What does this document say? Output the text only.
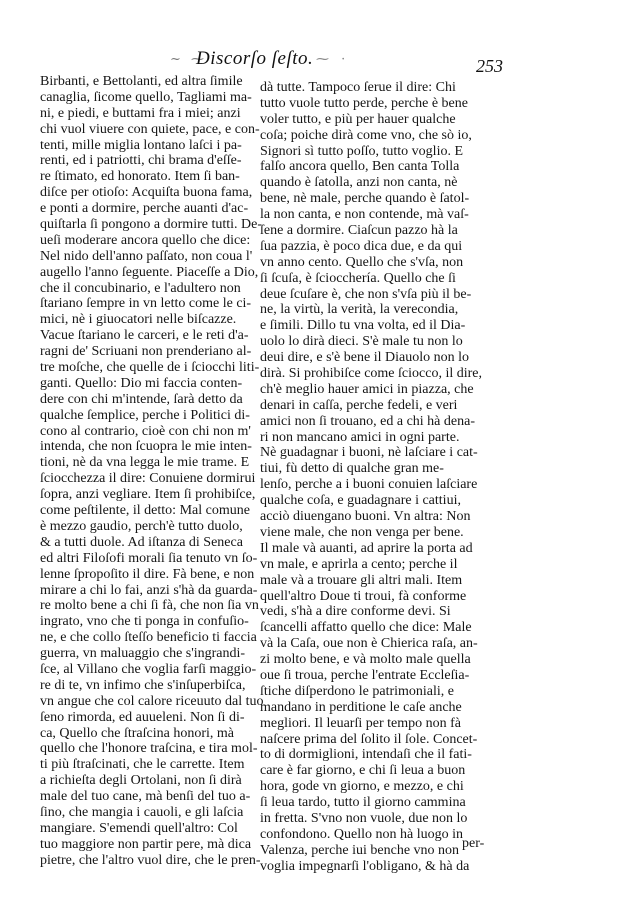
~ ⁓
Discorſo ſeſto. ⁓ ·	253
Birbanti, e Bettolanti, ed altra ſimile
canaglia, ſicome quello, Tagliami ma-
ni, e piedi, e buttami fra i miei; anzi
chi vuol viuere con quiete, pace, e con-
tenti, mille miglia lontano laſci i pa-
renti, ed i patriotti, chi brama d'eſſe-
re ſtimato, ed honorato. Item ſi ban-
diſce per otioſo: Acquiſta buona fama,
e ponti a dormire, perche auanti d'ac-
quiſtarla ſi pongono a dormire tutti. De-
ueſi moderare ancora quello che dice:
Nel nido dell'anno paſſato, non coua l'
augello l'anno ſeguente. Piaceſſe a Dio,
che il concubinario, e l'adultero non
ſtariano ſempre in vn letto come le ci-
mici, nè i giuocatori nelle biſcazze.
Vacue ſtariano le carceri, e le reti d'a-
ragni de' Scriuani non prenderiano al-
tre moſche, che quelle de i ſciocchi liti-
ganti. Quello: Dio mi faccia conten-
dere con chi m'intende, ſarà detto da
qualche ſemplice, perche i Politici di-
cono al contrario, cioè con chi non m'
intenda, che non ſcuopra le mie inten-
tioni, nè da vna legga le mie trame. E
ſciocchezza il dire: Conuiene dormirui
ſopra, anzi vegliare. Item ſi prohibiſce,
come peſtilente, il detto: Mal comune
è mezzo gaudio, perch'è tutto duolo,
& a tutti duole. Ad iſtanza di Seneca
ed altri Filoſofi morali ſia tenuto vn ſo-
lenne ſpropoſito il dire. Fà bene, e non
mirare a chi lo fai, anzi s'hà da guarda-
re molto bene a chi ſi fà, che non ſia vn
ingrato, vno che ti ponga in confuſio-
ne, e che collo ſteſſo beneficio ti faccia
guerra, vn maluaggio che s'ingrandi-
ſce, al Villano che voglia farſi maggio-
re di te, vn infimo che s'inſuperbiſca,
vn angue che col calore riceuuto dal tuo
ſeno rimorda, ed auueleni. Non ſi di-
ca, Quello che ſtraſcina honori, mà
quello che l'honore traſcina, e tira mol-
ti più ſtraſcinati, che le carrette. Item
a richieſta degli Ortolani, non ſi dirà
male del tuo cane, mà benſi del tuo a-
ſino, che mangia i cauoli, e gli laſcia
mangiare. S'emendi quell'altro: Col
tuo maggiore non partir pere, mà dica
pietre, che l'altro vuol dire, che le pren-
dà tutte. Tampoco ſerue il dire: Chi
tutto vuole tutto perde, perche è bene
voler tutto, e più per hauer qualche
coſa; poiche dirà come vno, che sò io,
Signori sì tutto poſſo, tutto voglio. E
falſo ancora quello, Ben canta Tolla
quando è ſatolla, anzi non canta, nè
bene, nè male, perche quando è ſatol-
la non canta, e non contende, mà vaſ-
ſene a dormire. Ciaſcun pazzo hà la
ſua pazzia, è poco dica due, e da qui
vn anno cento. Quello che s'vſa, non
ſi ſcuſa, è ſciocchería. Quello che ſi
deue ſcuſare è, che non s'vſa più il be-
ne, la virtù, la verità, la verecondia,
e ſimili. Dillo tu vna volta, ed il Dia-
uolo lo dirà dieci. S'è male tu non lo
deui dire, e s'è bene il Diauolo non lo
dirà. Si prohibiſce come ſciocco, il dire,
ch'è meglio hauer amici in piazza, che
denari in caſſa, perche fedeli, e veri
amici non ſi trouano, ed a chi hà dena-
ri non mancano amici in ogni parte.
Nè guadagnar i buoni, nè laſciare i cat-
tiui, fù detto di qualche gran me-
lenſo, perche a i buoni conuien laſciare
qualche coſa, e guadagnare i cattiui,
acciò diuengano buoni. Vn altra: Non
viene male, che non venga per bene.
Il male và auanti, ad aprire la porta ad
vn male, e aprirla a cento; perche il
male và a trouare gli altri mali. Item
quell'altro Doue ti troui, fà conforme
vedi, s'hà a dire conforme devi. Si
ſcancelli affatto quello che dice: Male
và la Caſa, oue non è Chierica raſa, an-
zi molto bene, e và molto male quella
oue ſi troua, perche l'entrate Eccleſia-
ſtiche diſperdono le patrimoniali, e
mandano in perditione le caſe anche
megliori. Il leuarſi per tempo non fà
naſcere prima del ſolito il ſole. Concet-
to di dormiglioni, intendaſi che il fati-
care è far giorno, e chi ſi leua a buon
hora, gode vn giorno, e mezzo, e chi
ſi leua tardo, tutto il giorno cammina
in fretta. S'vno non vuole, due non lo
confondono. Quello non hà luogo in
Valenza, perche iui benche vno non
voglia impegnarſi l'obligano, & hà da
per-
